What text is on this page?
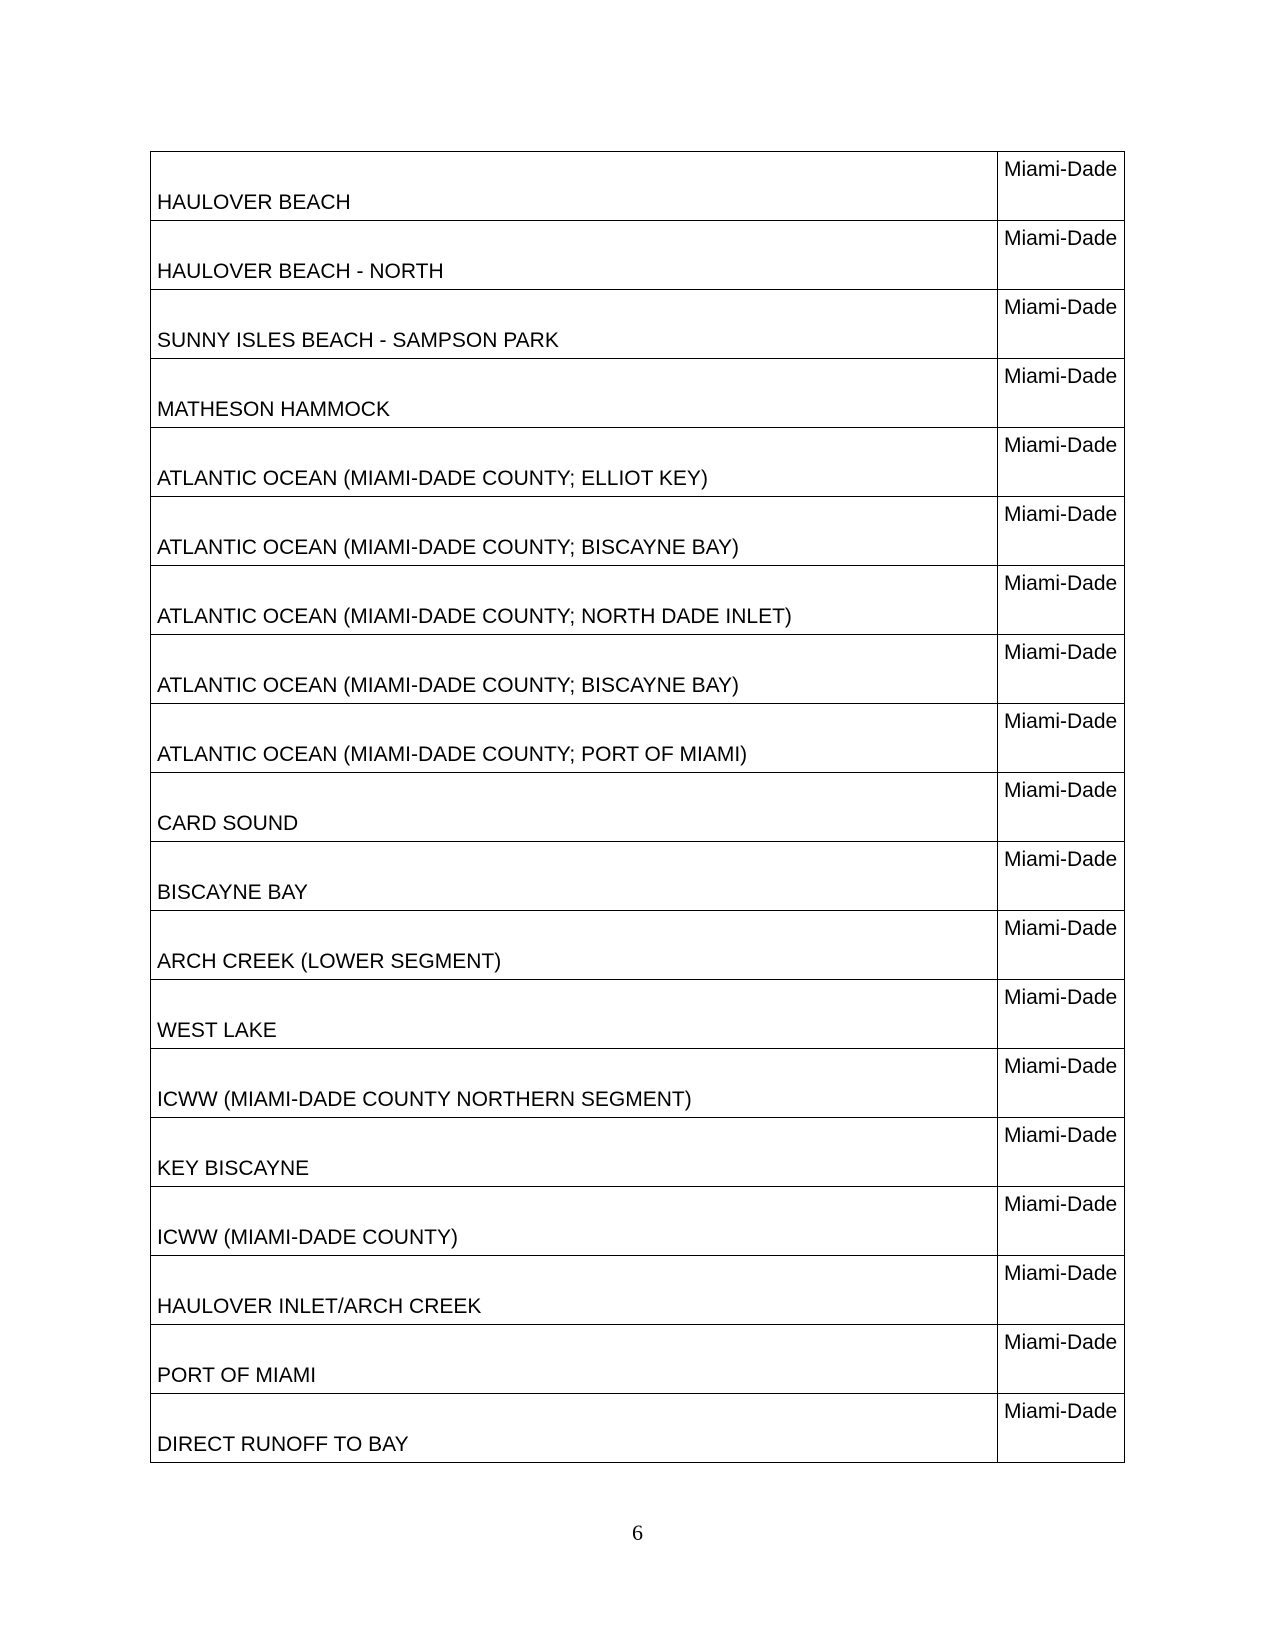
HAULOVER BEACH	Miami-Dade
HAULOVER BEACH - NORTH	Miami-Dade
SUNNY ISLES BEACH - SAMPSON PARK	Miami-Dade
MATHESON HAMMOCK	Miami-Dade
ATLANTIC OCEAN (MIAMI-DADE COUNTY; ELLIOT KEY)	Miami-Dade
ATLANTIC OCEAN (MIAMI-DADE COUNTY; BISCAYNE BAY)	Miami-Dade
ATLANTIC OCEAN (MIAMI-DADE COUNTY; NORTH DADE INLET)	Miami-Dade
ATLANTIC OCEAN (MIAMI-DADE COUNTY; BISCAYNE BAY)	Miami-Dade
ATLANTIC OCEAN (MIAMI-DADE COUNTY; PORT OF MIAMI)	Miami-Dade
CARD SOUND	Miami-Dade
BISCAYNE BAY	Miami-Dade
ARCH CREEK (LOWER SEGMENT)	Miami-Dade
WEST LAKE	Miami-Dade
ICWW (MIAMI-DADE COUNTY NORTHERN SEGMENT)	Miami-Dade
KEY BISCAYNE	Miami-Dade
ICWW (MIAMI-DADE COUNTY)	Miami-Dade
HAULOVER INLET/ARCH CREEK	Miami-Dade
PORT OF MIAMI	Miami-Dade
DIRECT RUNOFF TO BAY	Miami-Dade
6
